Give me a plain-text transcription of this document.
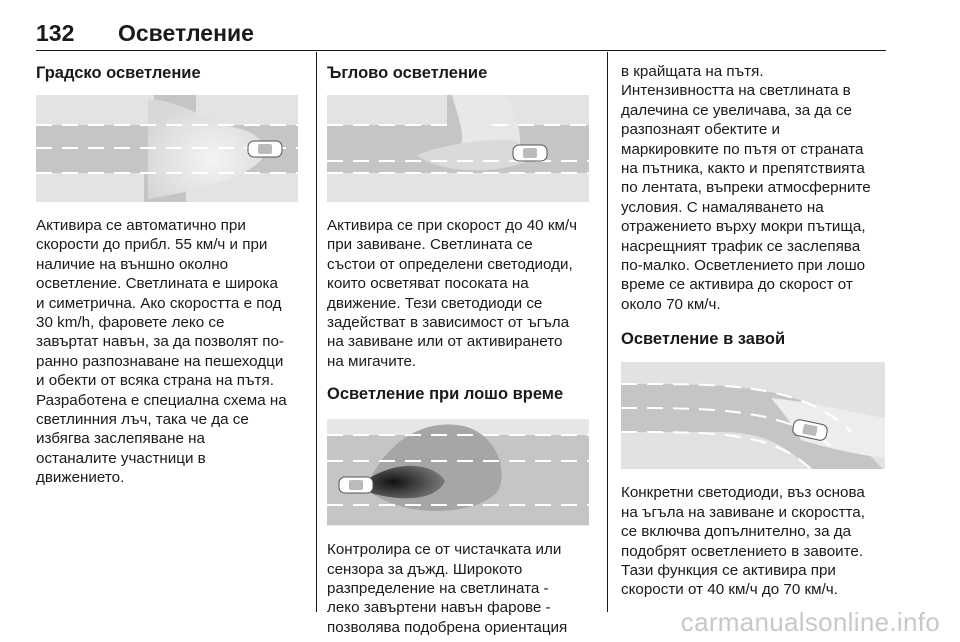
132 Осветление
Градско осветление

Активира се автоматично при
скорости до прибл. 55 км/ч и при
наличие на външно околно
осветление. Светлината е широка
и симетрична. Ако скоростта е под
30 km/h, фаровете леко се
завъртат навън, за да позволят по-
ранно разпознаване на пешеходци
и обекти от всяка страна на пътя.
Разработена е специална схема на
светлинния лъч, така че да се
избягва заслепяване на
останалите участници в
движението.

Ъглово осветление

Активира се при скорост до 40 км/ч
при завиване. Светлината се
състои от определени светодиоди,
които осветяват посоката на
движение. Тези светодиоди се
задействат в зависимост от ъгъла
на завиване или от активирането
на мигачите.

Осветление при лошо време

Контролира се от чистачката или
сензора за дъжд. Широкото
разпределение на светлината -
леко завъртени навън фарове -
позволява подобрена ориентация

в крайщата на пътя.
Интензивността на светлината в
далечина се увеличава, за да се
разпознаят обектите и
маркировките по пътя от страната
на пътника, както и препятствията
по лентата, въпреки атмосферните
условия. С намаляването на
отражението върху мокри пътища,
насрещният трафик се заслепява
по-малко. Осветлението при лошо
време се активира до скорост от
около 70 км/ч.

Осветление в завой

Конкретни светодиоди, въз основа
на ъгъла на завиване и скоростта,
се включва допълнително, за да
подобрят осветлението в завоите.
Тази функция се активира при
скорости от 40 км/ч до 70 км/ч.

carmanualsonline.info
